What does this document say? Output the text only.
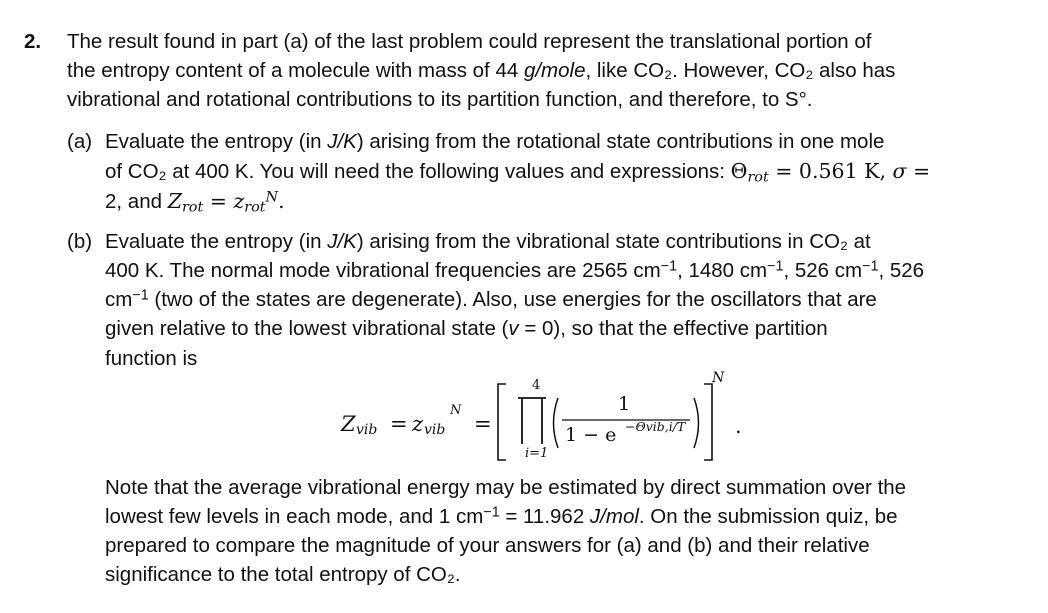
2. The result found in part (a) of the last problem could represent the translational portion of
the entropy content of a molecule with mass of 44 g/mole, like CO₂. However, CO₂ also has
vibrational and rotational contributions to its partition function, and therefore, to S°.
(a) Evaluate the entropy (in J/K) arising from the rotational state contributions in one mole
of CO₂ at 400 K. You will need the following values and expressions: $\Theta_{rot} = 0.561$ K, σ =
2, and $Z_{rot} = z_{rot}^N$.
(b) Evaluate the entropy (in J/K) arising from the vibrational state contributions in CO₂ at
400 K. The normal mode vibrational frequencies are 2565 $cm^{-1}$, 1480 $cm^{-1}$, 526 $cm^{-1}$, 526
$cm^{-1}$ (two of the states are degenerate). Also, use energies for the oscillators that are
given relative to the lowest vibrational state (v = 0), so that the effective partition
function is
Z vib = z vib
N
=
4
i=1
1
1 − e −Θvib,i/T
N
.
Note that the average vibrational energy may be estimated by direct summation over the
lowest few levels in each mode, and 1 $cm^{-1} = 11.962$ J/mol. On the submission quiz, be
prepared to compare the magnitude of your answers for (a) and (b) and their relative
significance to the total entropy of CO₂.
